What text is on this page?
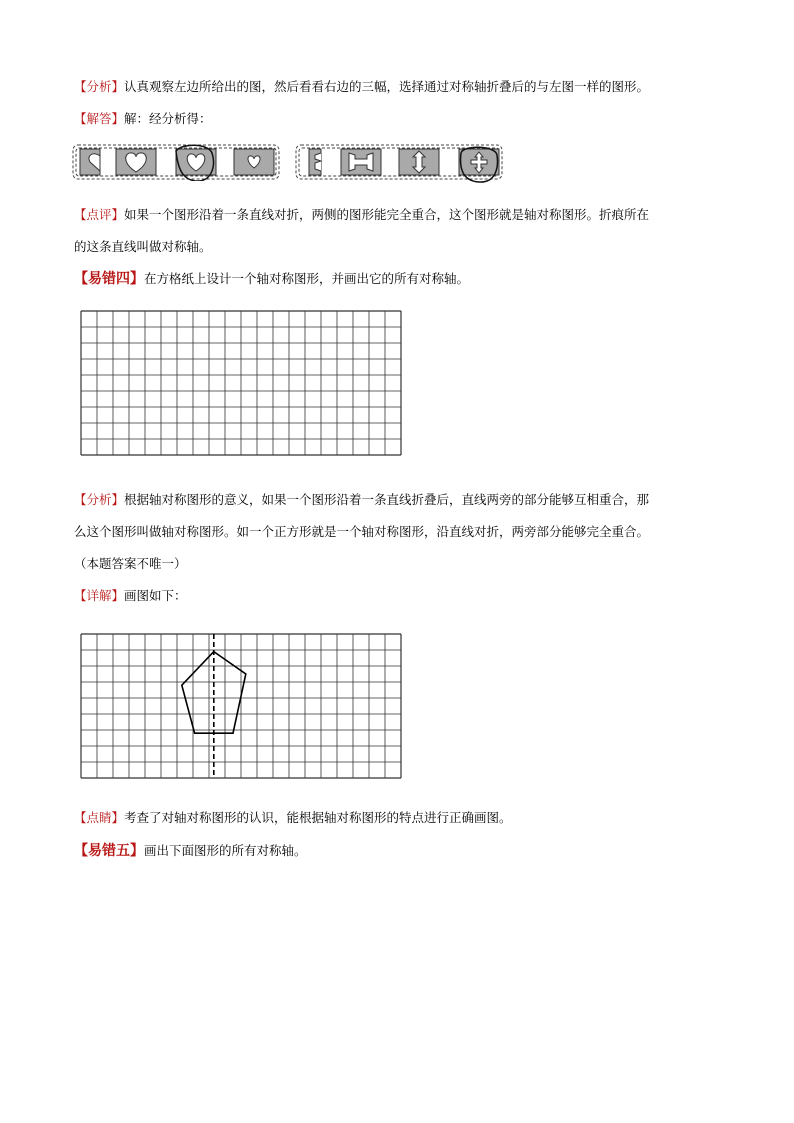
【分析】认真观察左边所给出的图，然后看看右边的三幅，选择通过对称轴折叠后的与左图一样的图形。
【解答】解：经分析得：
【点评】如果一个图形沿着一条直线对折，两侧的图形能完全重合，这个图形就是轴对称图形。折痕所在
的这条直线叫做对称轴。
【易错四】在方格纸上设计一个轴对称图形，并画出它的所有对称轴。
【分析】根据轴对称图形的意义，如果一个图形沿着一条直线折叠后，直线两旁的部分能够互相重合，那
么这个图形叫做轴对称图形。如一个正方形就是一个轴对称图形，沿直线对折，两旁部分能够完全重合。
（本题答案不唯一）
【详解】画图如下：
【点睛】考查了对轴对称图形的认识，能根据轴对称图形的特点进行正确画图。
【易错五】画出下面图形的所有对称轴。
